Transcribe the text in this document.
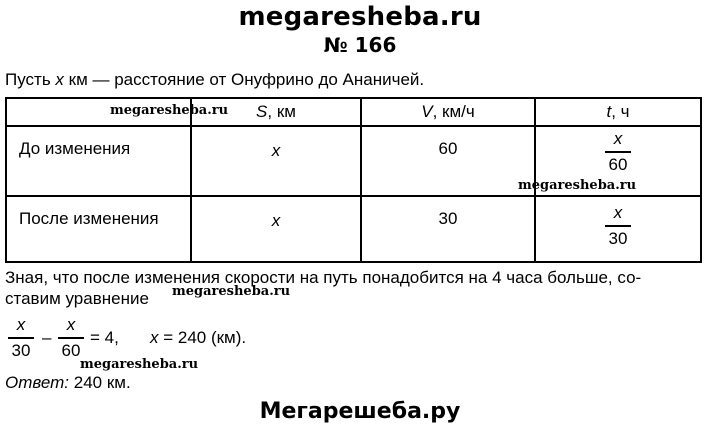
megaresheba.ru
№ 166
Пусть x км — расстояние от Онуфрино до Ананичей.
	S, км	V, км/ч	t, ч
До изменения	x	60	$\frac{x}{60}$

После изменения	x	30	$\frac{x}{30}$
Зная, что после изменения скорости на путь понадобится на 4 часа больше, со-
ставим уравнение
x
30
–
x
60
= 4, x = 240 (км).
Ответ: 240 км.
megaresheba.ru
megaresheba.ru
megaresheba.ru
megaresheba.ru
Мегарешеба.ру
